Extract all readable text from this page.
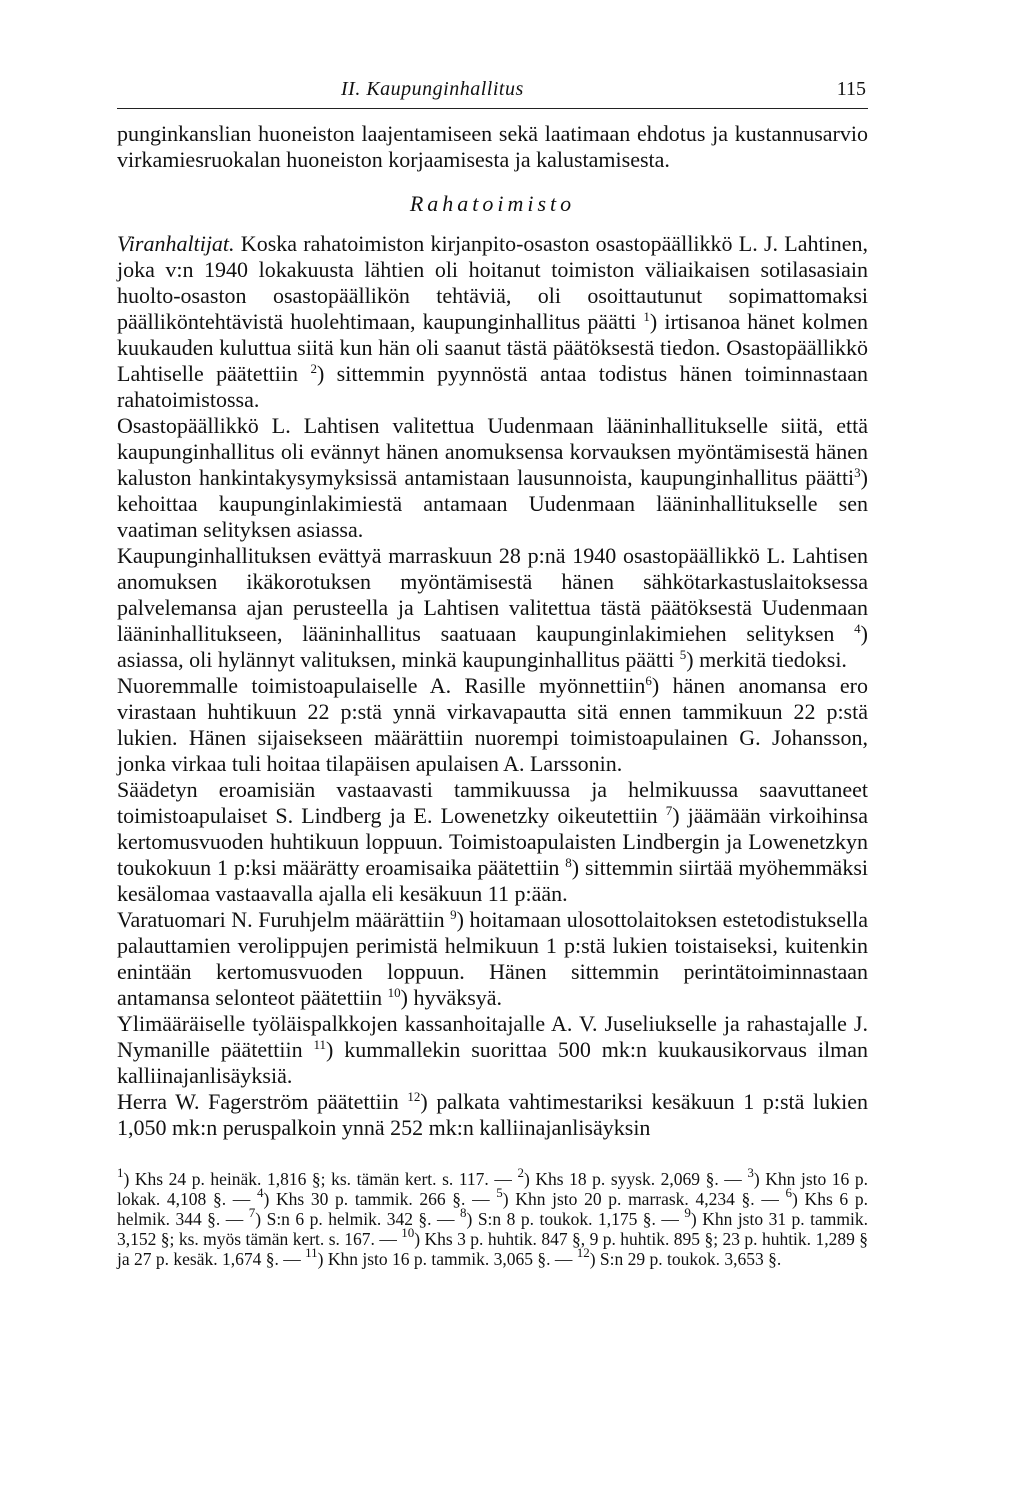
II. Kaupunginhallitus	115

punginkanslian huoneiston laajentamiseen sekä laatimaan ehdotus ja kustannusarvio virkamiesruokalan huoneiston korjaamisesta ja kalustamisesta.

Rahatoimisto

Viranhaltijat. Koska rahatoimiston kirjanpito-osaston osastopäällikkö L. J. Lahtinen, joka v:n 1940 lokakuusta lähtien oli hoitanut toimiston väliaikaisen sotilasasiain huolto-osaston osastopäällikön tehtäviä, oli osoittautunut sopimattomaksi päälliköntehtävistä huolehtimaan, kaupunginhallitus päätti $^1$) irtisanoa hänet kolmen kuukauden kuluttua siitä kun hän oli saanut tästä päätöksestä tiedon. Osastopäällikkö Lahtiselle päätettiin $^2$) sittemmin pyynnöstä antaa todistus hänen toiminnastaan rahatoimistossa.

Osastopäällikkö L. Lahtisen valitettua Uudenmaan lääninhallitukselle siitä, että kaupunginhallitus oli evännyt hänen anomuksensa korvauksen myöntämisestä hänen kaluston hankintakysymyksissä antamistaan lausunnoista, kaupunginhallitus päätti$^3$) kehoittaa kaupunginlakimiestä antamaan Uudenmaan lääninhallitukselle sen vaatiman selityksen asiassa.

Kaupunginhallituksen evättyä marraskuun 28 p:nä 1940 osastopäällikkö L. Lahtisen anomuksen ikäkorotuksen myöntämisestä hänen sähkötarkastuslaitoksessa palvelemansa ajan perusteella ja Lahtisen valitettua tästä päätöksestä Uudenmaan lääninhallitukseen, lääninhallitus saatuaan kaupunginlakimiehen selityksen $^4$) asiassa, oli hylännyt valituksen, minkä kaupunginhallitus päätti $^5$) merkitä tiedoksi.

Nuoremmalle toimistoapulaiselle A. Rasille myönnettiin$^6$) hänen anomansa ero virastaan huhtikuun 22 p:stä ynnä virkavapautta sitä ennen tammikuun 22 p:stä lukien. Hänen sijaisekseen määrättiin nuorempi toimistoapulainen G. Johansson, jonka virkaa tuli hoitaa tilapäisen apulaisen A. Larssonin.

Säädetyn eroamisiän vastaavasti tammikuussa ja helmikuussa saavuttaneet toimistoapulaiset S. Lindberg ja E. Lowenetzky oikeutettiin $^7$) jäämään virkoihinsa kertomusvuoden huhtikuun loppuun. Toimistoapulaisten Lindbergin ja Lowenetzkyn toukokuun 1 p:ksi määrätty eroamisaika päätettiin $^8$) sittemmin siirtää myöhemmäksi kesälomaa vastaavalla ajalla eli kesäkuun 11 p:ään.

Varatuomari N. Furuhjelm määrättiin $^9$) hoitamaan ulosottolaitoksen estetodistuksella palauttamien verolippujen perimistä helmikuun 1 p:stä lukien toistaiseksi, kuitenkin enintään kertomusvuoden loppuun. Hänen sittemmin perintätoiminnastaan antamansa selonteot päätettiin $^{10}$) hyväksyä.

Ylimääräiselle työläispalkkojen kassanhoitajalle A. V. Juseliukselle ja rahastajalle J. Nymanille päätettiin $^{11}$) kummallekin suorittaa 500 mk:n kuukausikorvaus ilman kalliinajanlisäyksiä.

Herra W. Fagerström päätettiin $^{12}$) palkata vahtimestariksi kesäkuun 1 p:stä lukien 1,050 mk:n peruspalkoin ynnä 252 mk:n kalliinajanlisäyksin

$^1$) Khs 24 p. heinäk. 1,816 §; ks. tämän kert. s. 117. — $^2$) Khs 18 p. syysk. 2,069 §. — $^3$) Khn jsto 16 p. lokak. 4,108 §. — $^4$) Khs 30 p. tammik. 266 §. — $^5$) Khn jsto 20 p. marrask. 4,234 §. — $^6$) Khs 6 p. helmik. 344 §. — $^7$) S:n 6 p. helmik. 342 §. — $^8$) S:n 8 p. toukok. 1,175 §. — $^9$) Khn jsto 31 p. tammik. 3,152 §; ks. myös tämän kert. s. 167. — $^{10}$) Khs 3 p. huhtik. 847 §, 9 p. huhtik. 895 §; 23 p. huhtik. 1,289 § ja 27 p. kesäk. 1,674 §. — $^{11}$) Khn jsto 16 p. tammik. 3,065 §. — $^{12}$) S:n 29 p. toukok. 3,653 §.
